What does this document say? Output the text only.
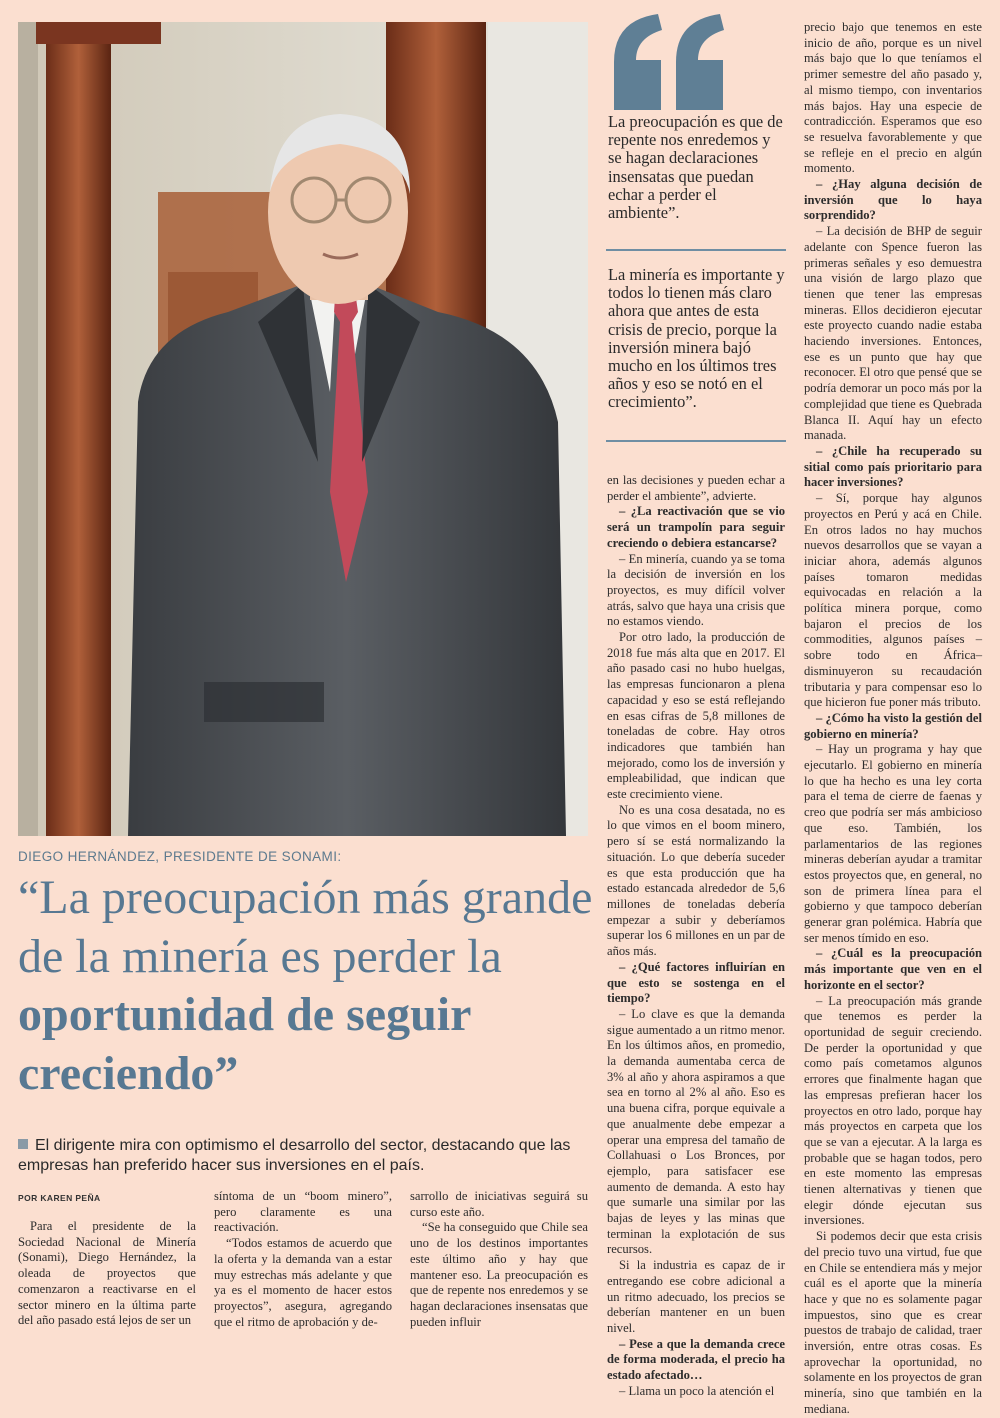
La preocupación es que de repente nos enredemos y se hagan declaraciones insensatas que puedan echar a perder el ambiente”.
La minería es importante y todos lo tienen más claro ahora que antes de esta crisis de precio, porque la inversión minera bajó mucho en los últimos tres años y eso se notó en el crecimiento”.

en las decisiones y pueden echar a perder el ambiente”, advierte.

– ¿La reactivación que se vio será un trampolín para seguir creciendo o debiera estancarse?

– En minería, cuando ya se toma la decisión de inversión en los proyectos, es muy difícil volver atrás, salvo que haya una crisis que no estamos viendo.

Por otro lado, la producción de 2018 fue más alta que en 2017. El año pasado casi no hubo huelgas, las empresas funcionaron a plena capacidad y eso se está reflejando en esas cifras de 5,8 millones de toneladas de cobre. Hay otros indicadores que también han mejorado, como los de inversión y empleabilidad, que indican que este crecimiento viene.

No es una cosa desatada, no es lo que vimos en el boom minero, pero sí se está normalizando la situación. Lo que debería suceder es que esta producción que ha estado estancada alrededor de 5,6 millones de toneladas debería empezar a subir y deberíamos superar los 6 millones en un par de años más.

– ¿Qué factores influirían en que esto se sostenga en el tiempo?

– Lo clave es que la demanda sigue aumentado a un ritmo menor. En los últimos años, en promedio, la demanda aumentaba cerca de 3% al año y ahora aspiramos a que sea en torno al 2% al año. Eso es una buena cifra, porque equivale a que anualmente debe empezar a operar una empresa del tamaño de Collahuasi o Los Bronces, por ejemplo, para satisfacer ese aumento de demanda. A esto hay que sumarle una similar por las bajas de leyes y las minas que terminan la explotación de sus recursos.

Si la industria es capaz de ir entregando ese cobre adicional a un ritmo adecuado, los precios se deberían mantener en un buen nivel.

– Pese a que la demanda crece de forma moderada, el precio ha estado afectado…

– Llama un poco la atención el

precio bajo que tenemos en este inicio de año, porque es un nivel más bajo que lo que teníamos el primer semestre del año pasado y, al mismo tiempo, con inventarios más bajos. Hay una especie de contradicción. Esperamos que eso se resuelva favorablemente y que se refleje en el precio en algún momento.

– ¿Hay alguna decisión de inversión que lo haya sorprendido?

– La decisión de BHP de seguir adelante con Spence fueron las primeras señales y eso demuestra una visión de largo plazo que tienen que tener las empresas mineras. Ellos decidieron ejecutar este proyecto cuando nadie estaba haciendo inversiones. Entonces, ese es un punto que hay que reconocer. El otro que pensé que se podría demorar un poco más por la complejidad que tiene es Quebrada Blanca II. Aquí hay un efecto manada.

– ¿Chile ha recuperado su sitial como país prioritario para hacer inversiones?

– Sí, porque hay algunos proyectos en Perú y acá en Chile. En otros lados no hay muchos nuevos desarrollos que se vayan a iniciar ahora, además algunos países tomaron medidas equivocadas en relación a la política minera porque, como bajaron el precios de los commodities, algunos países –sobre todo en África– disminuyeron su recaudación tributaria y para compensar eso lo que hicieron fue poner más tributo.

– ¿Cómo ha visto la gestión del gobierno en minería?

– Hay un programa y hay que ejecutarlo. El gobierno en minería lo que ha hecho es una ley corta para el tema de cierre de faenas y creo que podría ser más ambicioso que eso. También, los parlamentarios de las regiones mineras deberían ayudar a tramitar estos proyectos que, en general, no son de primera línea para el gobierno y que tampoco deberían generar gran polémica. Habría que ser menos tímido en eso.

– ¿Cuál es la preocupación más importante que ven en el horizonte en el sector?

– La preocupación más grande que tenemos es perder la oportunidad de seguir creciendo. De perder la oportunidad y que como país cometamos algunos errores que finalmente hagan que las empresas prefieran hacer los proyectos en otro lado, porque hay más proyectos en carpeta que los que se van a ejecutar. A la larga es probable que se hagan todos, pero en este momento las empresas tienen alternativas y tienen que elegir dónde ejecutan sus inversiones.

Si podemos decir que esta crisis del precio tuvo una virtud, fue que en Chile se entendiera más y mejor cuál es el aporte que la minería hace y que no es solamente pagar impuestos, sino que es crear puestos de trabajo de calidad, traer inversión, entre otras cosas. Es aprovechar la oportunidad, no solamente en los proyectos de gran minería, sino que también en la mediana.

DIEGO HERNÁNDEZ, PRESIDENTE DE SONAMI:
“La preocupación más grande de la minería es perder la oportunidad de seguir creciendo”
El dirigente mira con optimismo el desarrollo del sector, destacando que las empresas han preferido hacer sus inversiones en el país.
POR KAREN PEÑA

Para el presidente de la Sociedad Nacional de Minería (Sonami), Diego Hernández, la oleada de proyectos que comenzaron a reactivarse en el sector minero en la última parte del año pasado está lejos de ser un

síntoma de un “boom minero”, pero claramente es una reactivación.

“Todos estamos de acuerdo que la oferta y la demanda van a estar muy estrechas más adelante y que ya es el momento de hacer estos proyectos”, asegura, agregando que el ritmo de aprobación y de-

sarrollo de iniciativas seguirá su curso este año.

“Se ha conseguido que Chile sea uno de los destinos importantes este último año y hay que mantener eso. La preocupación es que de repente nos enredemos y se hagan declaraciones insensatas que pueden influir
